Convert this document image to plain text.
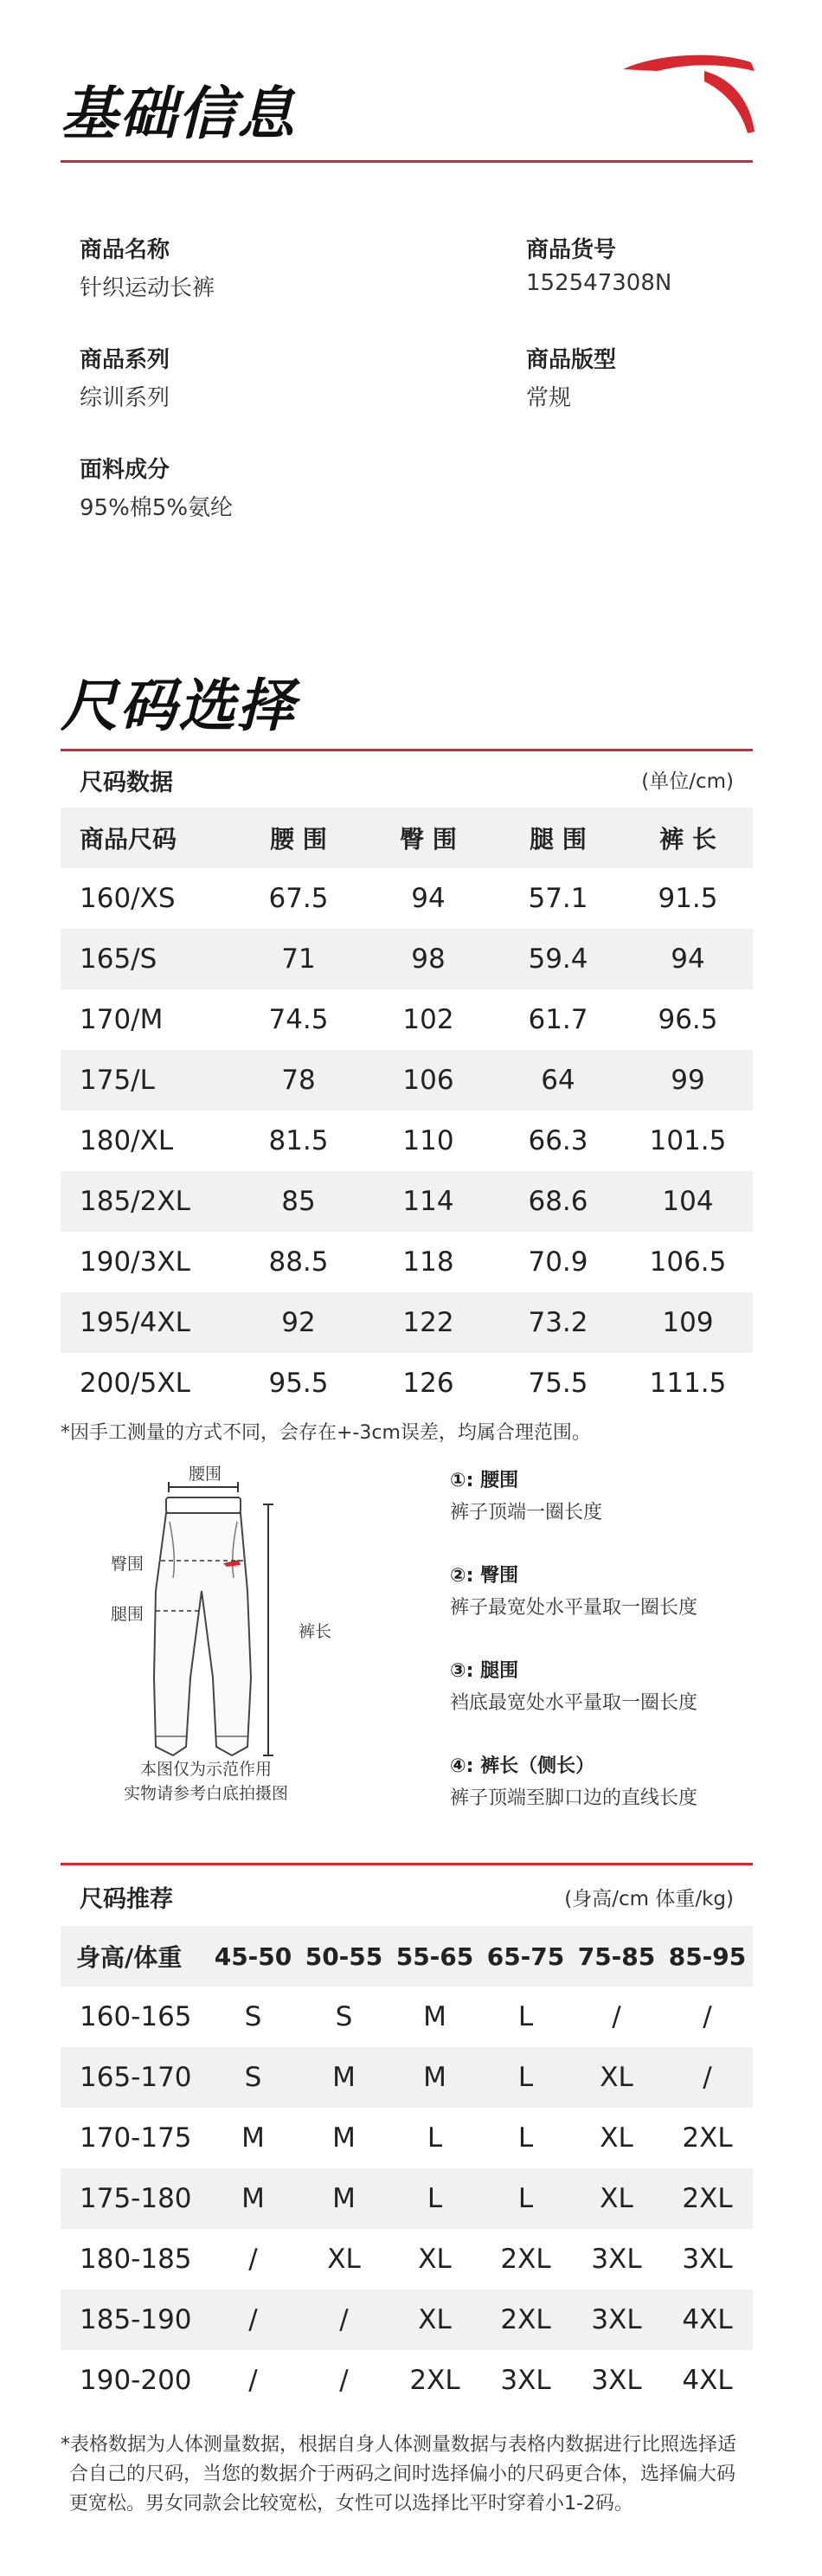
基础信息
商品名称
针织运动长裤
商品货号
152547308N
商品系列
综训系列
商品版型
常规
面料成分
95%棉5%氨纶
尺码选择
尺码数据	(单位/cm)
商品尺码	腰 围	臀 围	腿 围	裤 长
160/XS	67.5	94	57.1	91.5
165/S	71	98	59.4	94
170/M	74.5	102	61.7	96.5
175/L	78	106	64	99
180/XL	81.5	110	66.3	101.5
185/2XL	85	114	68.6	104
190/3XL	88.5	118	70.9	106.5
195/4XL	92	122	73.2	109
200/5XL	95.5	126	75.5	111.5
*因手工测量的方式不同，会存在+-3cm误差，均属合理范围。
腰围
臀围
腿围
裤长
本图仅为示范作用
实物请参考白底拍摄图
①: 腰围
裤子顶端一圈长度
②: 臀围
裤子最宽处水平量取一圈长度
③: 腿围
裆底最宽处水平量取一圈长度
④: 裤长（侧长）
裤子顶端至脚口边的直线长度
尺码推荐	(身高/cm 体重/kg)
身高/体重	45-50	50-55	55-65	65-75	75-85	85-95
160-165	S	S	M	L	/	/
165-170	S	M	M	L	XL	/
170-175	M	M	L	L	XL	2XL
175-180	M	M	L	L	XL	2XL
180-185	/	XL	XL	2XL	3XL	3XL
185-190	/	/	XL	2XL	3XL	4XL
190-200	/	/	2XL	3XL	3XL	4XL
*表格数据为人体测量数据，根据自身人体测量数据与表格内数据进行比照选择适
合自己的尺码，当您的数据介于两码之间时选择偏小的尺码更合体，选择偏大码
更宽松。男女同款会比较宽松，女性可以选择比平时穿着小1-2码。
